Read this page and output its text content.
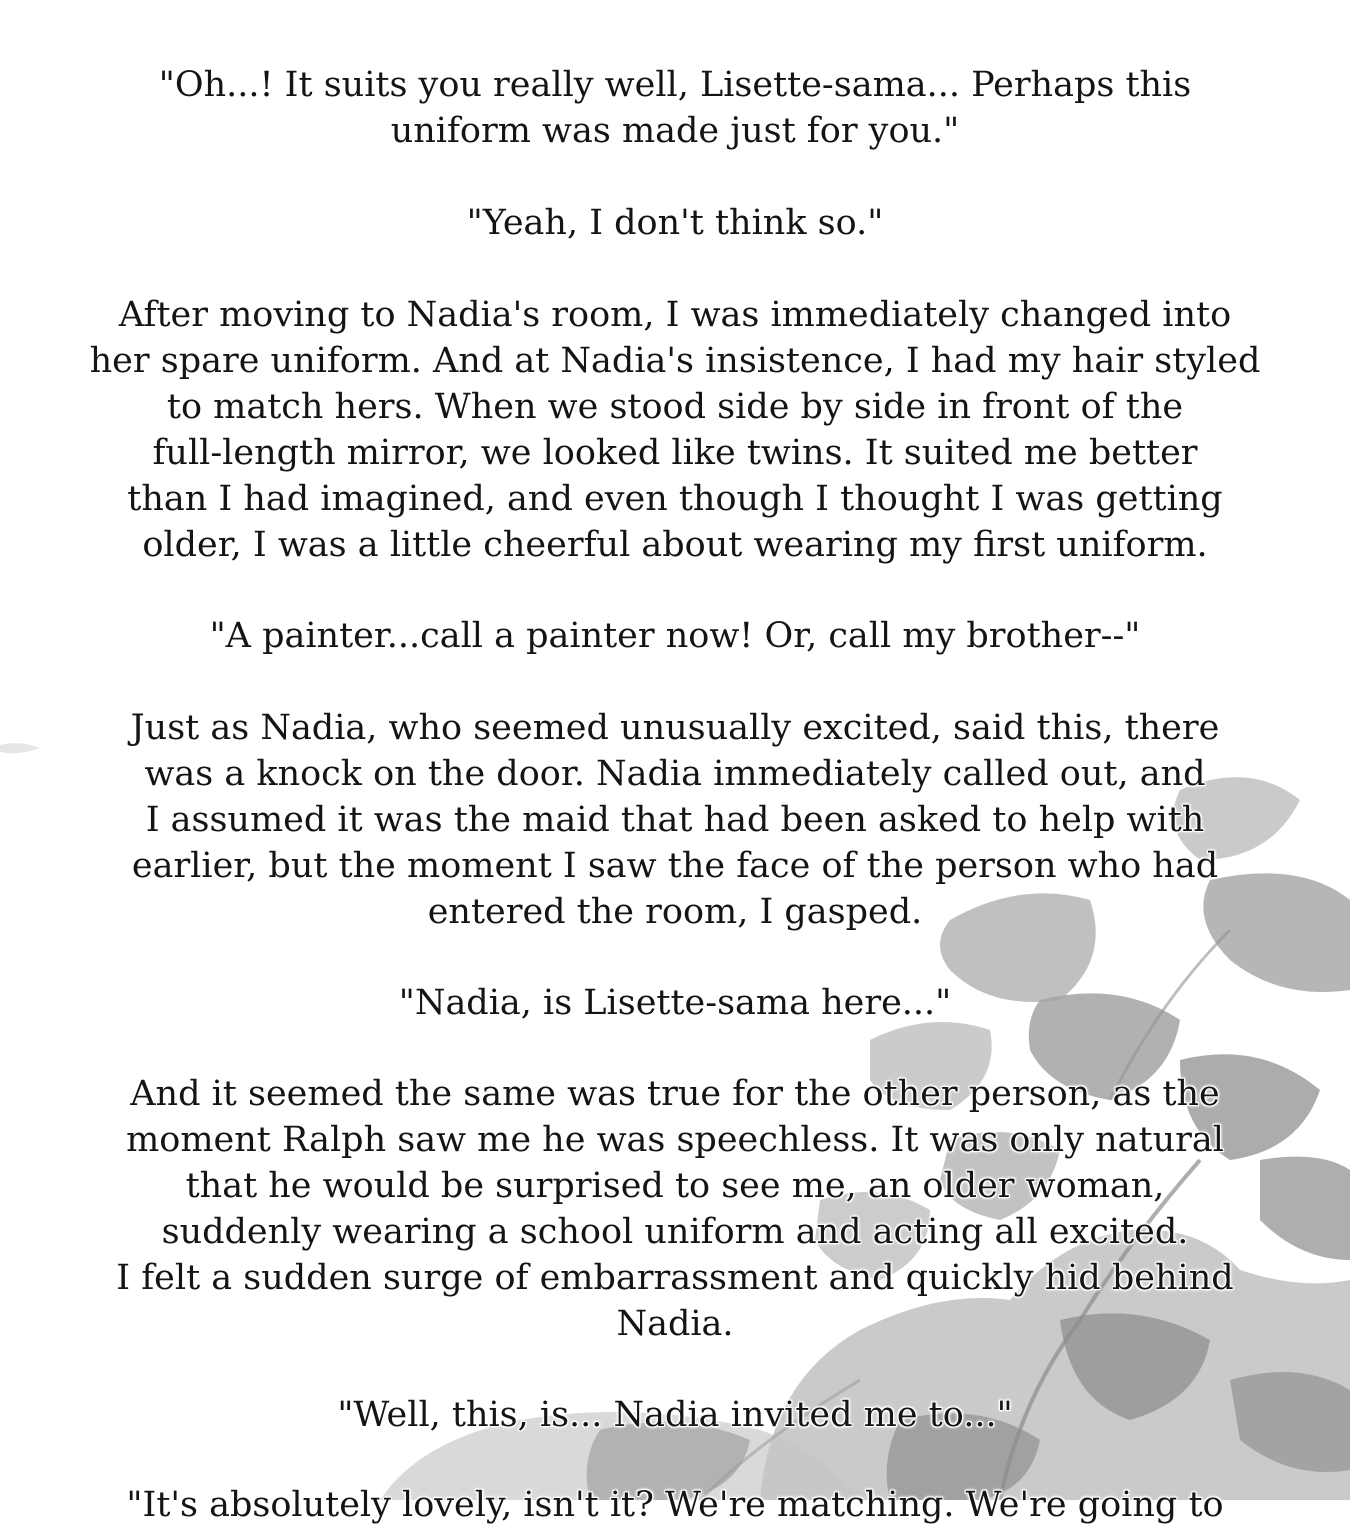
"Oh...! It suits you really well, Lisette-sama... Perhaps this
uniform was made just for you."

"Yeah, I don't think so."

After moving to Nadia's room, I was immediately changed into
her spare uniform. And at Nadia's insistence, I had my hair styled
to match hers. When we stood side by side in front of the
full-length mirror, we looked like twins. It suited me better
than I had imagined, and even though I thought I was getting
older, I was a little cheerful about wearing my first uniform.

"A painter...call a painter now! Or, call my brother--"

Just as Nadia, who seemed unusually excited, said this, there
was a knock on the door. Nadia immediately called out, and
I assumed it was the maid that had been asked to help with
earlier, but the moment I saw the face of the person who had
entered the room, I gasped.

"Nadia, is Lisette-sama here..."

And it seemed the same was true for the other person, as the
moment Ralph saw me he was speechless. It was only natural
that he would be surprised to see me, an older woman,
suddenly wearing a school uniform and acting all excited.
I felt a sudden surge of embarrassment and quickly hid behind
Nadia.

"Well, this, is... Nadia invited me to..."

"It's absolutely lovely, isn't it? We're matching. We're going to
